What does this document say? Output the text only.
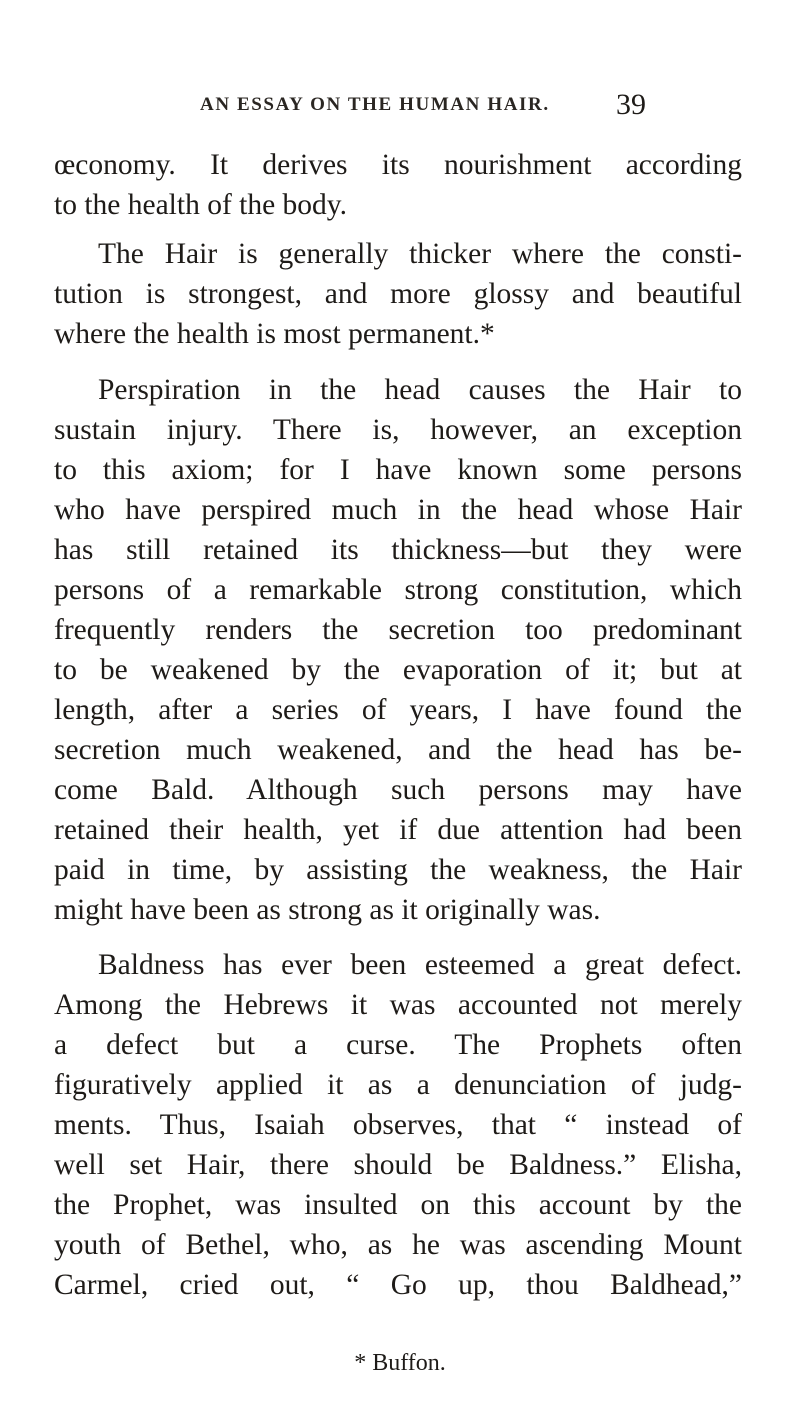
AN ESSAY ON THE HUMAN HAIR.	39
œconomy. It derives its nourishment according
to the health of the body.
The Hair is generally thicker where the consti-
tution is strongest, and more glossy and beautiful
where the health is most permanent.*
Perspiration in the head causes the Hair to
sustain injury. There is, however, an exception
to this axiom; for I have known some persons
who have perspired much in the head whose Hair
has still retained its thickness—but they were
persons of a remarkable strong constitution, which
frequently renders the secretion too predominant
to be weakened by the evaporation of it; but at
length, after a series of years, I have found the
secretion much weakened, and the head has be-
come Bald. Although such persons may have
retained their health, yet if due attention had been
paid in time, by assisting the weakness, the Hair
might have been as strong as it originally was.
Baldness has ever been esteemed a great defect.
Among the Hebrews it was accounted not merely
a defect but a curse. The Prophets often
figuratively applied it as a denunciation of judg-
ments. Thus, Isaiah observes, that “ instead of
well set Hair, there should be Baldness.” Elisha,
the Prophet, was insulted on this account by the
youth of Bethel, who, as he was ascending Mount
Carmel, cried out, “ Go up, thou Baldhead,”
* Buffon.
